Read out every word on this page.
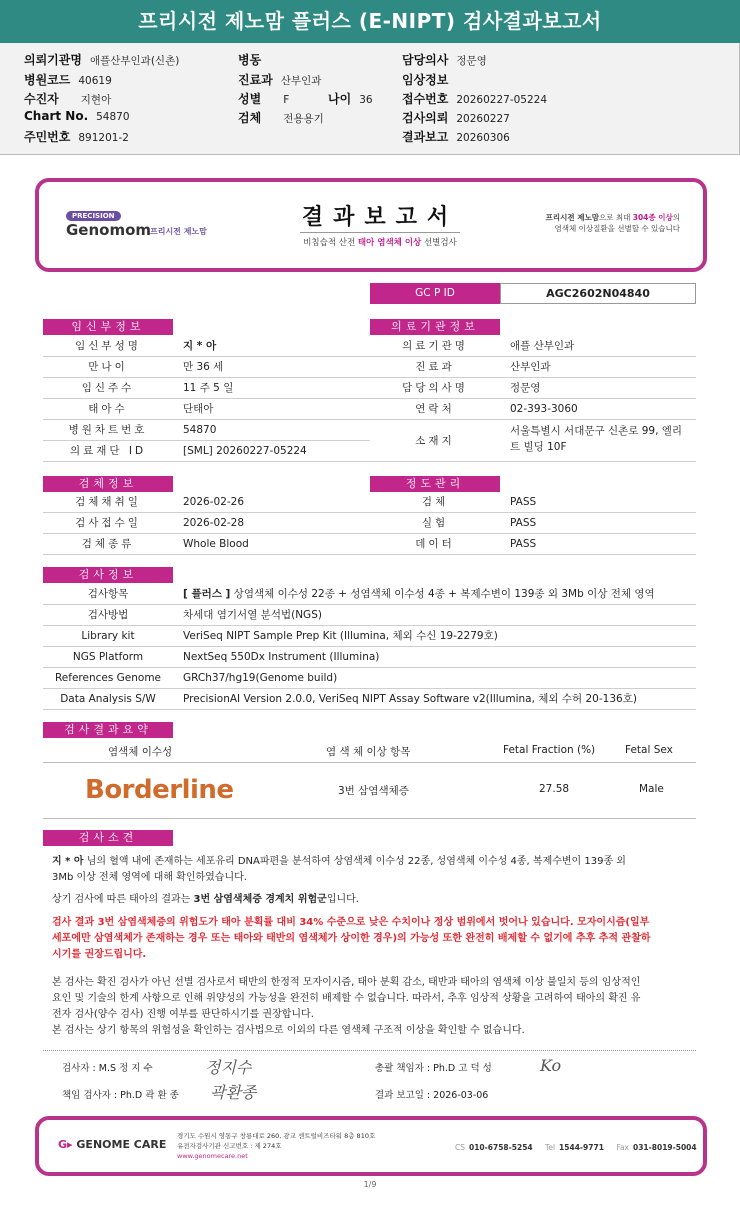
프리시전 제노맘 플러스 (E-NIPT) 검사결과보고서
의뢰기관명 애플산부인과(신촌)
병원코드 40619
수진자 지현아
Chart No. 54870
주민번호 891201-2
병동
진료과 산부인과
성별 F	나이 36
검체 전용용기
담당의사 정문영
임상정보
접수번호 20260227-05224
검사의뢰 20260227
결과보고 20260306
PRECISION
Genomom
프리시젼 제노맘
결과보고서
비침습적 산전 태아 염색체 이상 선별검사
프리시젼 제노맘으로 최대 304종 이상의
염색체 이상질환을 선별할 수 있습니다
GC P ID	AGC2602N04840
임신부정보
임신부성명	지 * 아
만나이	만 36 세
임신주수	11 주 5 일
태아수	단태아
병원차트번호	54870
의료재단 ID	[SML] 20260227-05224
의료기관정보
의료기관명	애플 산부인과
진료과	산부인과
담당의사명	정문영
연락처	02-393-3060
소재지
서울특별시 서대문구 신촌로 99, 엘리
트 빌딩 10F
검체정보
검체채취일	2026-02-26
검사접수일	2026-02-28
검체종류	Whole Blood
정도관리
검체	PASS
실험	PASS
데이터	PASS
검사정보
검사항목	[ 플러스 ] 상염색체 이수성 22종 + 성염색체 이수성 4종 + 복제수변이 139종 외 3Mb 이상 전체 영역
검사방법	차세대 염기서열 분석법(NGS)
Library kit	VeriSeq NIPT Sample Prep Kit (Illumina, 체외 수신 19-2279호)
NGS Platform	NextSeq 550Dx Instrument (Illumina)
References Genome	GRCh37/hg19(Genome build)
Data Analysis S/W	PrecisionAI Version 2.0.0, VeriSeq NIPT Assay Software v2(Illumina, 체외 수허 20-136호)
검사결과요약
염색체 이수성	염 색 체 이상 항목	Fetal Fraction (%)	Fetal Sex
Borderline	3번 삼염색체증	27.58	Male
검사소견
지 * 아 님의 혈액 내에 존재하는 세포유리 DNA파편을 분석하여 상염색체 이수성 22종, 성염색체 이수성 4종, 복제수변이 139종 외
3Mb 이상 전체 영역에 대해 확인하였습니다.
상기 검사에 따른 태아의 결과는 3번 삼염색체증 경계치 위험군입니다.
검사 결과 3번 삼염색체증의 위험도가 태아 분획률 대비 34% 수준으로 낮은 수치이나 정상 범위에서 벗어나 있습니다. 모자이시즘(일부
세포에만 삼염색체가 존재하는 경우 또는 태아와 태반의 염색체가 상이한 경우)의 가능성 또한 완전히 배제할 수 없기에 추후 추적 관찰하
시기를 권장드립니다.
본 검사는 확진 검사가 아닌 선별 검사로서 태반의 한정적 모자이시즘, 태아 분획 감소, 태반과 태아의 염색체 이상 불일치 등의 임상적인
요인 및 기술의 한계 사항으로 인해 위양성의 가능성을 완전히 배제할 수 없습니다. 따라서, 추후 임상적 상황을 고려하여 태아의 확진 유
전자 검사(양수 검사) 진행 여부를 판단하시기를 권장합니다.
본 검사는 상기 항목의 위험성을 확인하는 검사법으로 이외의 다른 염색체 구조적 이상을 확인할 수 없습니다.
검사자 : M.S 정 지 수	정지수
책임 검사자 : Ph.D 곽 환 종 곽환종
총괄 책임자 : Ph.D 고 덕 성	Ko
결과 보고일 : 2026-03-06
G▸ GENOME CARE
경기도 수원시 영통구 창룡대로 260, 광교 센트럴비즈타워 8층 810호
유전자검사기관 신고번호 : 제 274호
www.genomecare.net
CS 010-6758-5254 Tel 1544-9771 Fax 031-8019-5004
1/9
